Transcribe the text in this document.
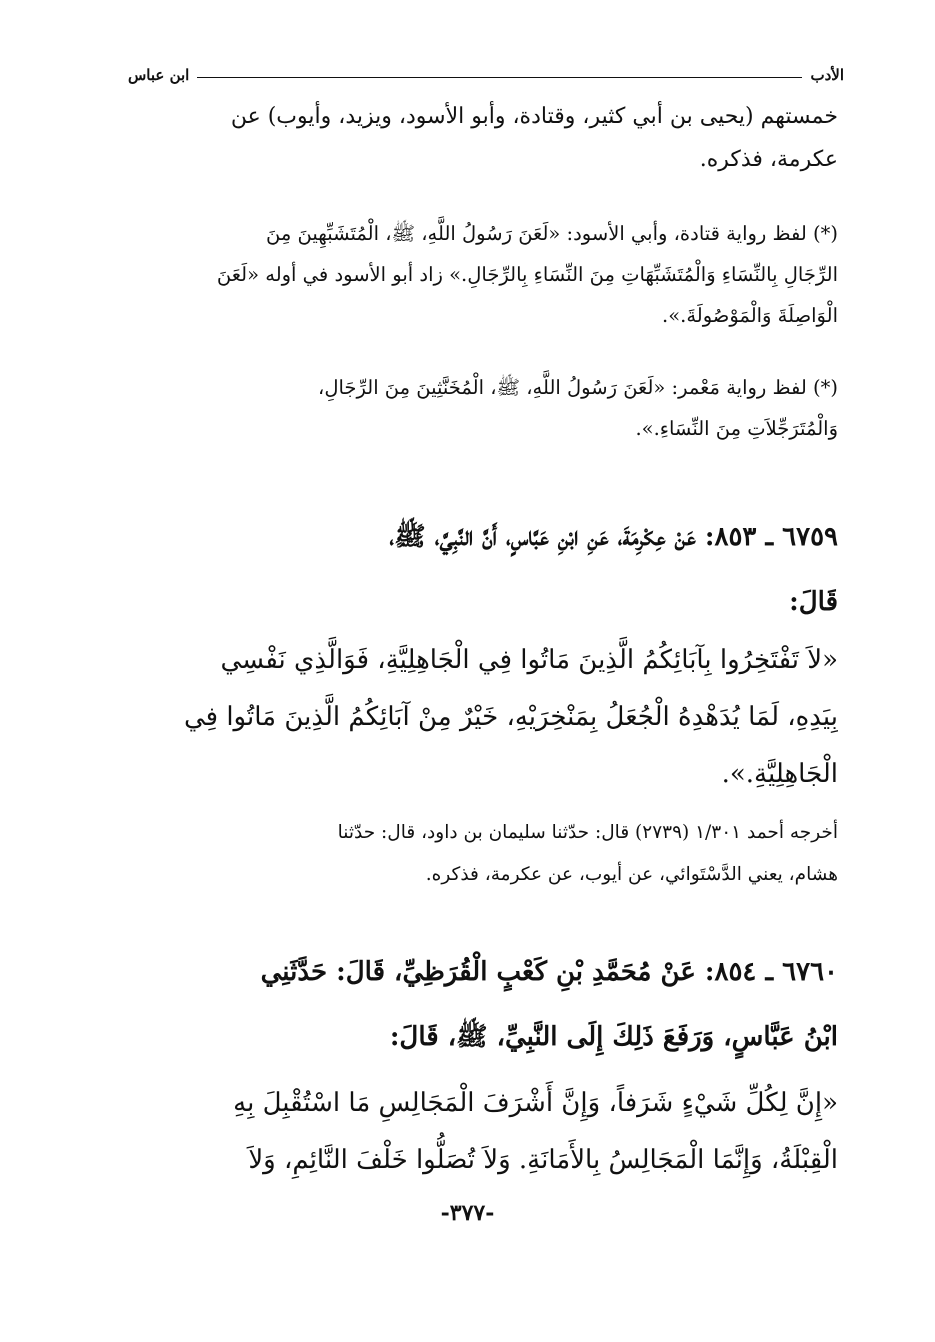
الأدب
ابن عباس
خمستهم (يحيى بن أبي كثير، وقتادة، وأبو الأسود، ويزيد، وأيوب) عن
عكرمة، فذكره.
(*) لفظ رواية قتادة، وأبي الأسود: «لَعَنَ رَسُولُ اللَّهِ، ﷺ، الْمُتَشَبِّهِينَ مِنَ
الرِّجَالِ بِالنِّسَاءِ وَالْمُتَشَبِّهَاتِ مِنَ النِّسَاءِ بِالرِّجَالِ.» زاد أبو الأسود في أوله «لَعَنَ
الْوَاصِلَةَ وَالْمَوْصُولَةَ.».
(*) لفظ رواية مَعْمر: «لَعَنَ رَسُولُ اللَّهِ، ﷺ، الْمُخَنَّثِينَ مِنَ الرِّجَالِ،
وَالْمُتَرَجِّلاَتِ مِنَ النِّسَاءِ.».
٦٧٥٩ ـ ٨٥٣: عَنْ عِكْرِمَةَ، عَنِ ابْنِ عَبَّاسٍ، أَنَّ النَّبِيَّ، ﷺ،
قَالَ:
«لاَ تَفْتَخِرُوا بِآبَائِكُمُ الَّذِينَ مَاتُوا فِي الْجَاهِلِيَّةِ، فَوَالَّذِي نَفْسِي
بِيَدِهِ، لَمَا يُدَهْدِهُ الْجُعَلُ بِمَنْخِرَيْهِ، خَيْرٌ مِنْ آبَائِكُمُ الَّذِينَ مَاتُوا فِي
الْجَاهِلِيَّةِ.».
أخرجه أحمد ١/٣٠١ (٢٧٣٩) قال: حدّثنا سليمان بن داود، قال: حدّثنا
هشام، يعني الدَّسْتَوائي، عن أيوب، عن عكرمة، فذكره.
٦٧٦٠ ـ ٨٥٤: عَنْ مُحَمَّدِ بْنِ كَعْبٍ الْقُرَظِيِّ، قَالَ: حَدَّثَنِي
ابْنُ عَبَّاسٍ، وَرَفَعَ ذَلِكَ إِلَى النَّبِيِّ، ﷺ، قَالَ:
«إِنَّ لِكُلِّ شَيْءٍ شَرَفاً، وَإِنَّ أَشْرَفَ الْمَجَالِسِ مَا اسْتُقْبِلَ بِهِ
الْقِبْلَةُ، وَإِنَّمَا الْمَجَالِسُ بِالأَمَانَةِ. وَلاَ تُصَلُّوا خَلْفَ النَّائِمِ، وَلاَ
-٣٧٧-
